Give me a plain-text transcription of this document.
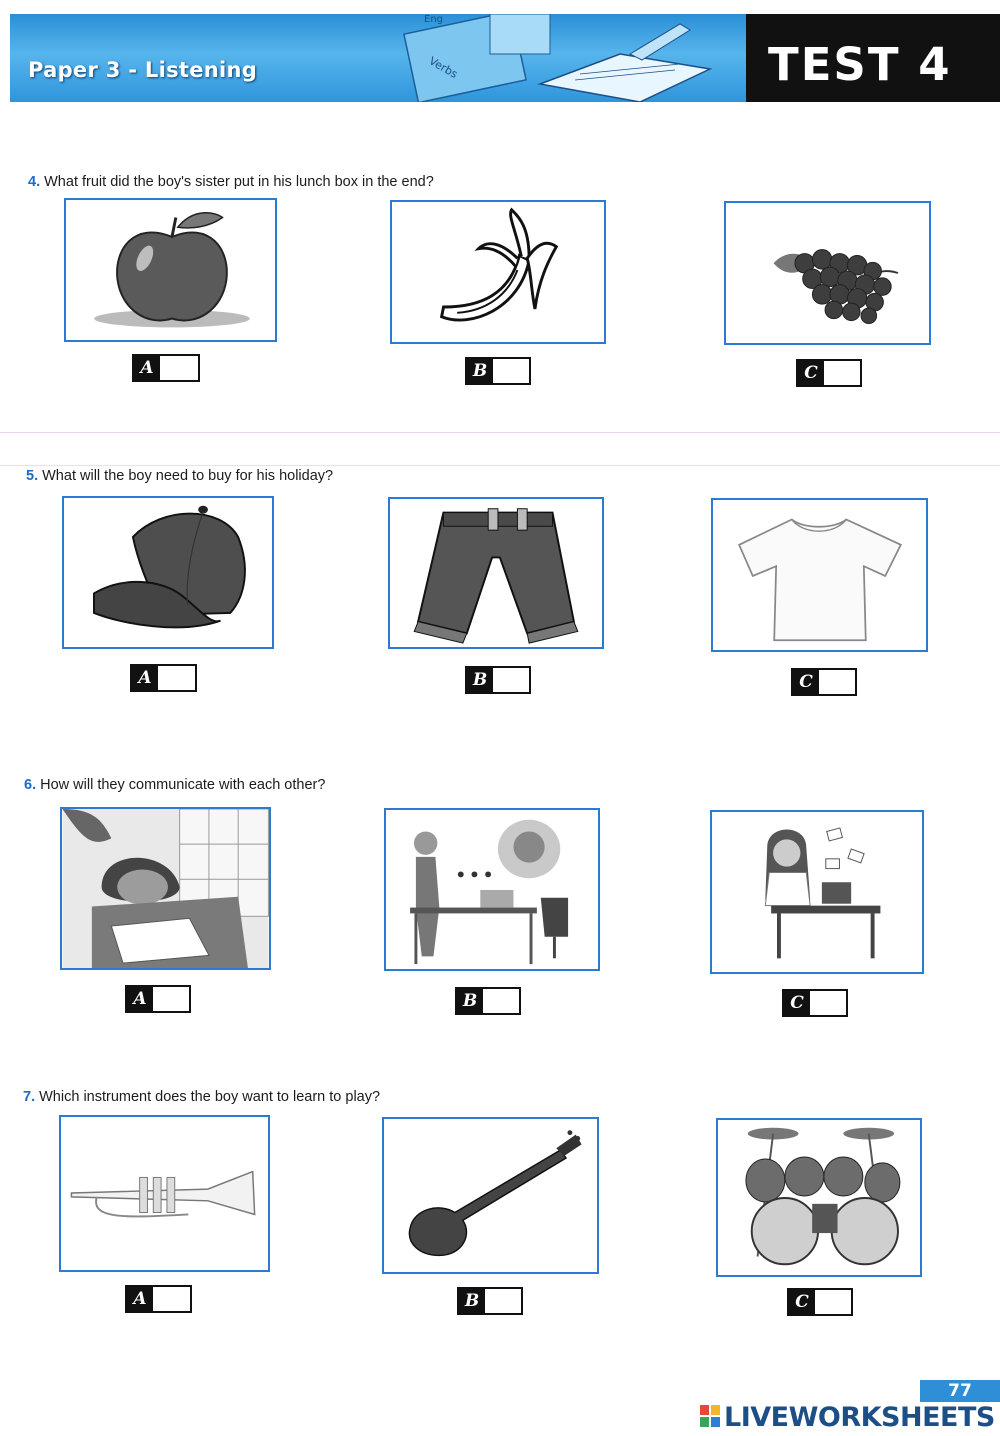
Verbs
Eng
Paper 3 - Listening	TEST 4
4. What fruit did the boy's sister put in his lunch box in the end?
A	B	C
5. What will the boy need to buy for his holiday?
A	B	C
6. How will they communicate with each other?
A	B	C
7. Which instrument does the boy want to learn to play?
A	B	C
77
LIVEWORKSHEETS
